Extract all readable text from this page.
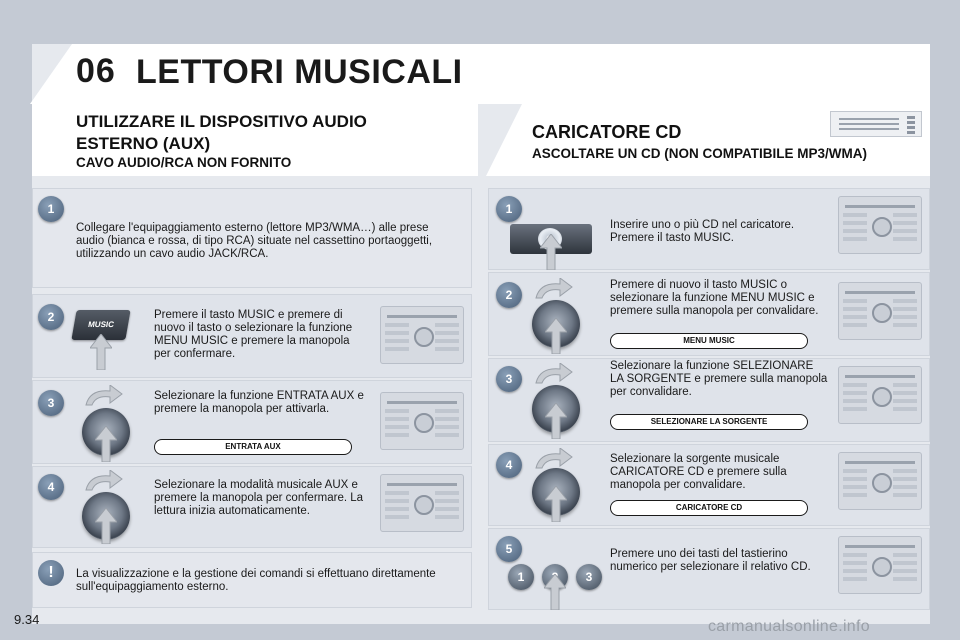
06 LETTORI MUSICALI
UTILIZZARE IL DISPOSITIVO AUDIO
ESTERNO (AUX)
CAVO AUDIO/RCA NON FORNITO
CARICATORE CD
ASCOLTARE UN CD (NON COMPATIBILE MP3/WMA)
1
Collegare l'equipaggiamento esterno (lettore MP3/WMA…) alle prese audio (bianca e rossa, di tipo RCA) situate nel cassettino portaoggetti, utilizzando un cavo audio JACK/RCA.
2
MUSIC
Premere il tasto MUSIC e premere di nuovo il tasto o selezionare la funzione MENU MUSIC e premere la manopola per confermare.
3	Selezionare la funzione ENTRATA AUX e premere la manopola per attivarla.
ENTRATA AUX
4	Selezionare la modalità musicale AUX e premere la manopola per confermare. La lettura inizia automaticamente.
!	La visualizzazione e la gestione dei comandi si effettuano direttamente sull'equipaggiamento esterno.
1
Inserire uno o più CD nel caricatore. Premere il tasto MUSIC.
2
Premere di nuovo il tasto MUSIC o selezionare la funzione MENU MUSIC e premere sulla manopola per convalidare.
MENU MUSIC
3
Selezionare la funzione SELEZIONARE LA SORGENTE e premere sulla manopola per convalidare.
SELEZIONARE LA SORGENTE
4	Selezionare la sorgente musicale CARICATORE CD e premere sulla manopola per convalidare.
CARICATORE CD
5
1	3
Premere uno dei tasti del tastierino numerico per selezionare il relativo CD.
9.34	carmanualsonline.info
